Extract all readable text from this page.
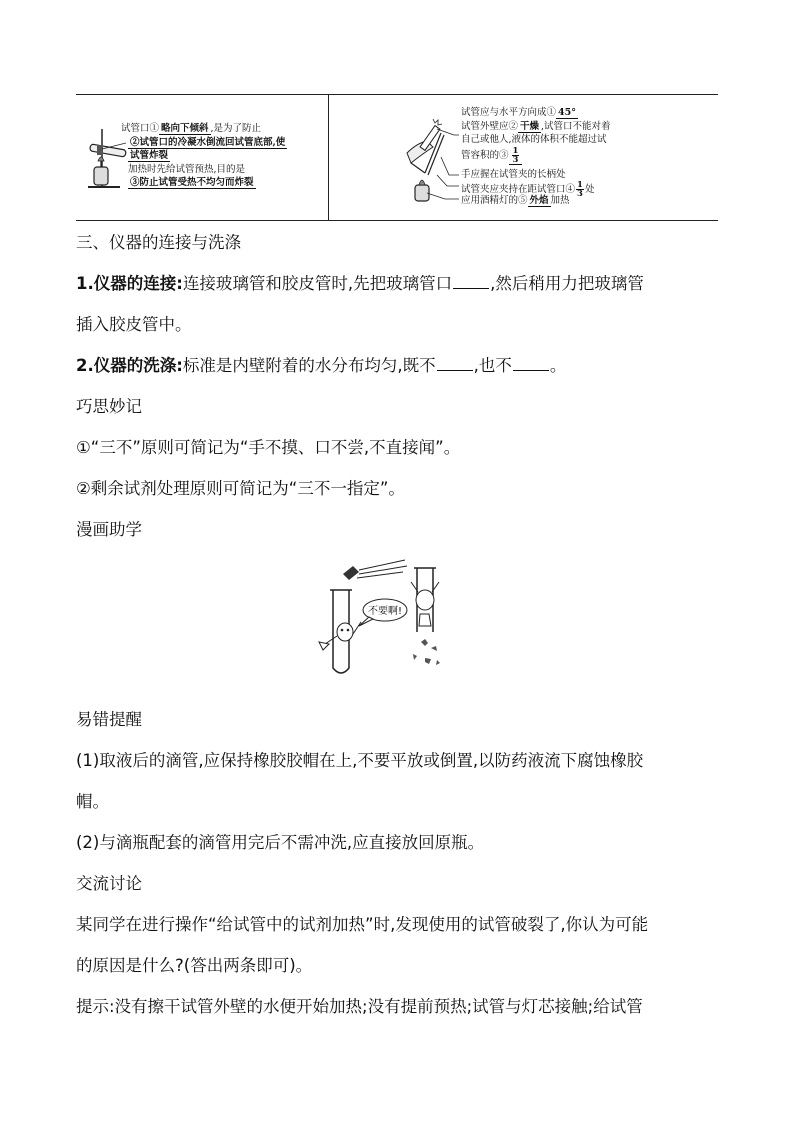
试管口① 略向下倾斜 ,是为了防止
②试管口的冷凝水倒流回试管底部,使
试管炸裂
加热时先给试管预热,目的是
③防止试管受热不均匀而炸裂
试管应与水平方向成① 45°
试管外壁应② 干燥 ,试管口不能对着
自己或他人,液体的体积不能超过试
管容积的③ $\frac{1}{3}$
手应握在试管夹的长柄处
试管夹应夹持在距试管口④ $\frac{1}{3}$ 处
应用酒精灯的⑤ 外焰 加热
三、仪器的连接与洗涤
1.仪器的连接:连接玻璃管和胶皮管时,先把玻璃管口 ,然后稍用力把玻璃管
插入胶皮管中。
2.仪器的洗涤:标准是内壁附着的水分布均匀,既不 ,也不 。
巧思妙记
①“三不”原则可简记为“手不摸、口不尝,不直接闻”。
②剩余试剂处理原则可简记为“三不一指定”。
漫画助学
不要啊!
易错提醒
(1)取液后的滴管,应保持橡胶胶帽在上,不要平放或倒置,以防药液流下腐蚀橡胶
帽。
(2)与滴瓶配套的滴管用完后不需冲洗,应直接放回原瓶。
交流讨论
某同学在进行操作“给试管中的试剂加热”时,发现使用的试管破裂了,你认为可能
的原因是什么?(答出两条即可)。
提示:没有擦干试管外壁的水便开始加热;没有提前预热;试管与灯芯接触;给试管
